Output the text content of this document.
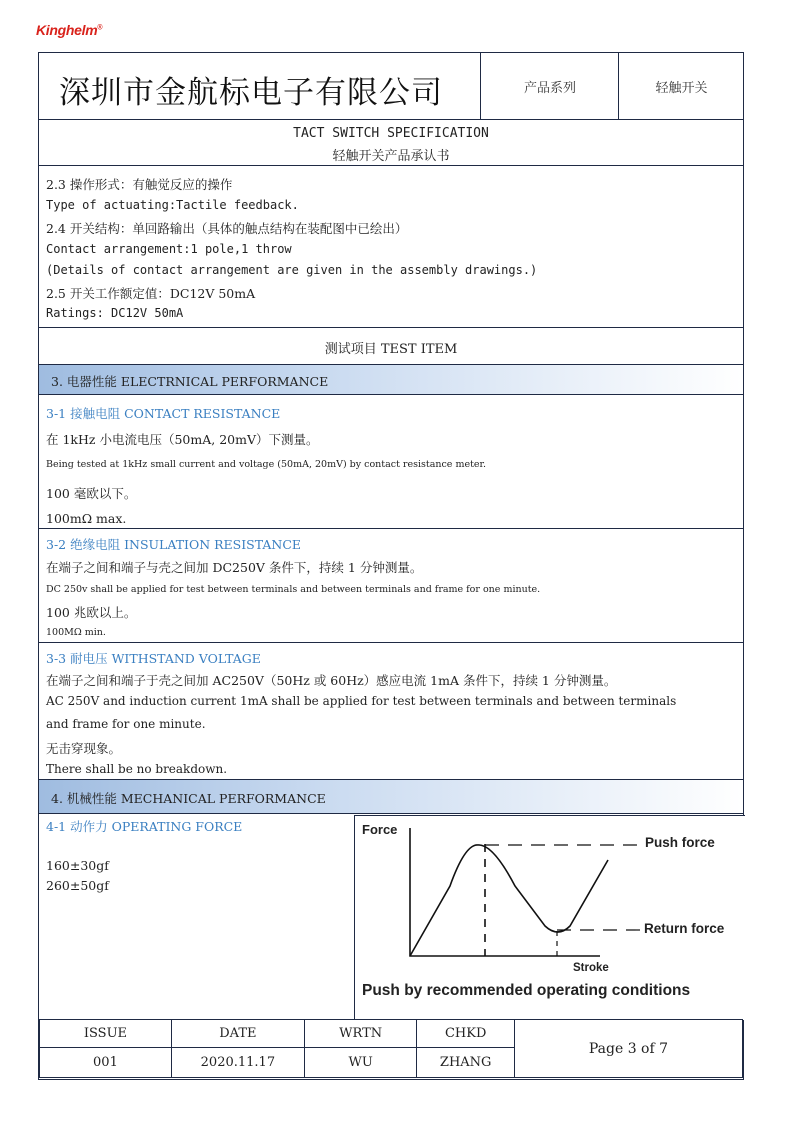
Kinghelm®
深圳市金航标电子有限公司	产品系列	轻触开关
TACT SWITCH SPECIFICATION
轻触开关产品承认书
2.3 操作形式：有触觉反应的操作
Type of actuating:Tactile feedback.
2.4 开关结构：单回路输出（具体的触点结构在装配图中已绘出）
Contact arrangement:1 pole,1 throw
(Details of contact arrangement are given in the assembly drawings.)
2.5 开关工作额定值：DC12V 50mA
Ratings: DC12V 50mA
测试项目 TEST ITEM
3. 电器性能 ELECTRNICAL PERFORMANCE
3-1 接触电阻 CONTACT RESISTANCE
在 1kHz 小电流电压（50mA, 20mV）下测量。
Being tested at 1kHz small current and voltage (50mA, 20mV) by contact resistance meter.
100 毫欧以下。
100mΩ max.
3-2 绝缘电阻 INSULATION RESISTANCE
在端子之间和端子与壳之间加 DC250V 条件下，持续 1 分钟测量。
DC 250v shall be applied for test between terminals and between terminals and frame for one minute.
100 兆欧以上。
100MΩ min.
3-3 耐电压 WITHSTAND VOLTAGE
在端子之间和端子于壳之间加 AC250V（50Hz 或 60Hz）感应电流 1mA 条件下，持续 1 分钟测量。
AC 250V and induction current 1mA shall be applied for test between terminals and between terminals
and frame for one minute.
无击穿现象。
There shall be no breakdown.
4. 机械性能 MECHANICAL PERFORMANCE
4-1 动作力 OPERATING FORCE
160±30gf
260±50gf
Force
Stroke
Push force
Return force
Push by recommended operating conditions
ISSUE	DATE	WRTN	CHKD	Page 3 of 7
001	2020.11.17	WU	ZHANG	
